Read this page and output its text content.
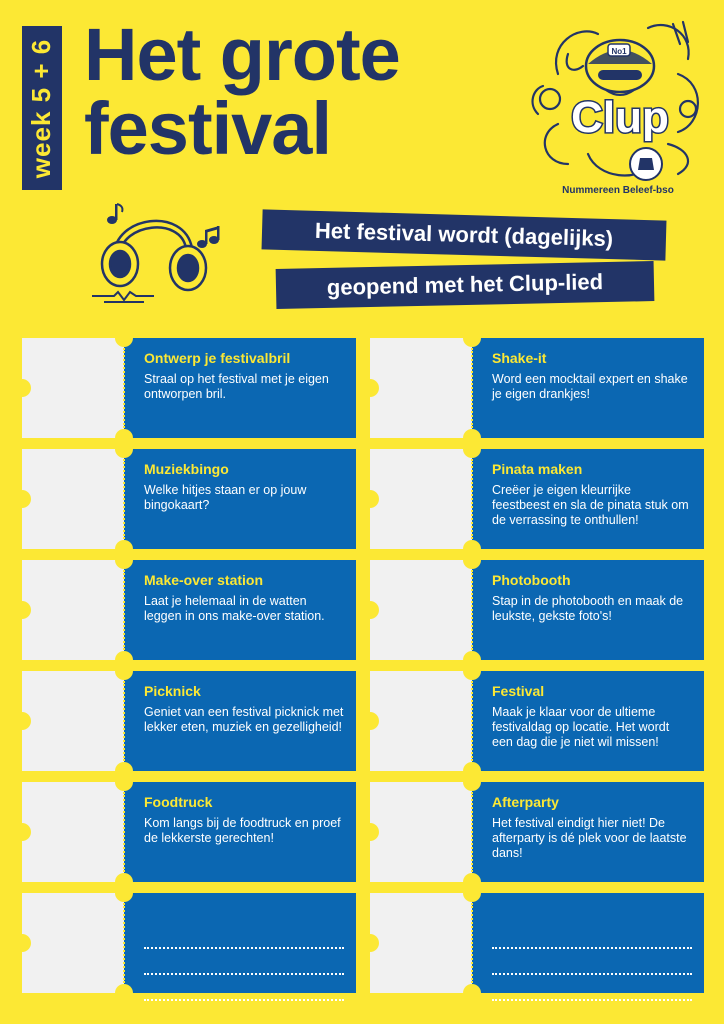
week 5 + 6 Het grote
festival
No1
Clup
Nummereen Beleef-bso
Het festival wordt (dagelijks)
geopend met het Clup-lied
Ontwerp je festivalbril
Straal op het festival met je eigen ontworpen bril.
Muziekbingo
Welke hitjes staan er op jouw bingokaart?
Make-over station
Laat je helemaal in de watten leggen in ons make-over station.
Picknick
Geniet van een festival picknick met lekker eten, muziek en gezelligheid!
Foodtruck
Kom langs bij de foodtruck en proef de lekkerste gerechten!
Shake-it
Word een mocktail expert en shake je eigen drankjes!
Pinata maken
Creëer je eigen kleurrijke feestbeest en sla de pinata stuk om de verrassing te onthullen!
Photobooth
Stap in de photobooth en maak de leukste, gekste foto's!
Festival
Maak je klaar voor de ultieme festivaldag op locatie. Het wordt een dag die je niet wil missen!
Afterparty
Het festival eindigt hier niet! De afterparty is dé plek voor de laatste dans!
